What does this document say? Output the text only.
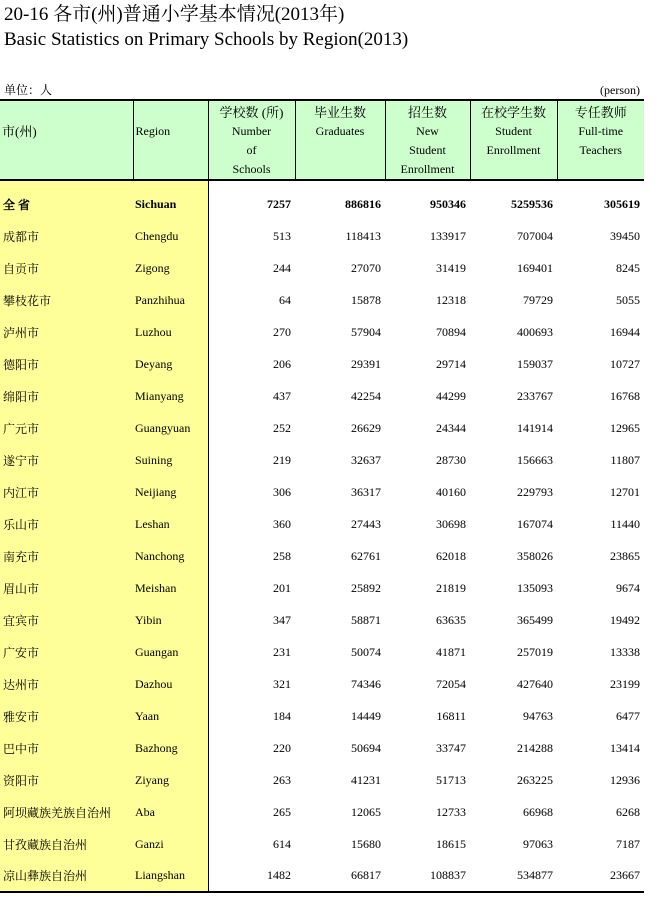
20-16 各市(州)普通小学基本情况(2013年)
Basic Statistics on Primary Schools by Region(2013)
单位：人	(person)
市(州)	Region	学校数 (所)
Number
of
Schools	毕业生数
Graduates	招生数
New
Student
Enrollment	在校学生数
Student
Enrollment	专任教师
Full-time
Teachers

全 省	Sichuan	7257	886816	950346	5259536	305619
成都市	Chengdu	513	118413	133917	707004	39450
自贡市	Zigong	244	27070	31419	169401	8245
攀枝花市	Panzhihua	64	15878	12318	79729	5055
泸州市	Luzhou	270	57904	70894	400693	16944
德阳市	Deyang	206	29391	29714	159037	10727
绵阳市	Mianyang	437	42254	44299	233767	16768
广元市	Guangyuan	252	26629	24344	141914	12965
遂宁市	Suining	219	32637	28730	156663	11807
内江市	Neijiang	306	36317	40160	229793	12701
乐山市	Leshan	360	27443	30698	167074	11440
南充市	Nanchong	258	62761	62018	358026	23865
眉山市	Meishan	201	25892	21819	135093	9674
宜宾市	Yibin	347	58871	63635	365499	19492
广安市	Guangan	231	50074	41871	257019	13338
达州市	Dazhou	321	74346	72054	427640	23199
雅安市	Yaan	184	14449	16811	94763	6477
巴中市	Bazhong	220	50694	33747	214288	13414
资阳市	Ziyang	263	41231	51713	263225	12936
阿坝藏族羌族自治州	Aba	265	12065	12733	66968	6268
甘孜藏族自治州	Ganzi	614	15680	18615	97063	7187
凉山彝族自治州	Liangshan	1482	66817	108837	534877	23667
